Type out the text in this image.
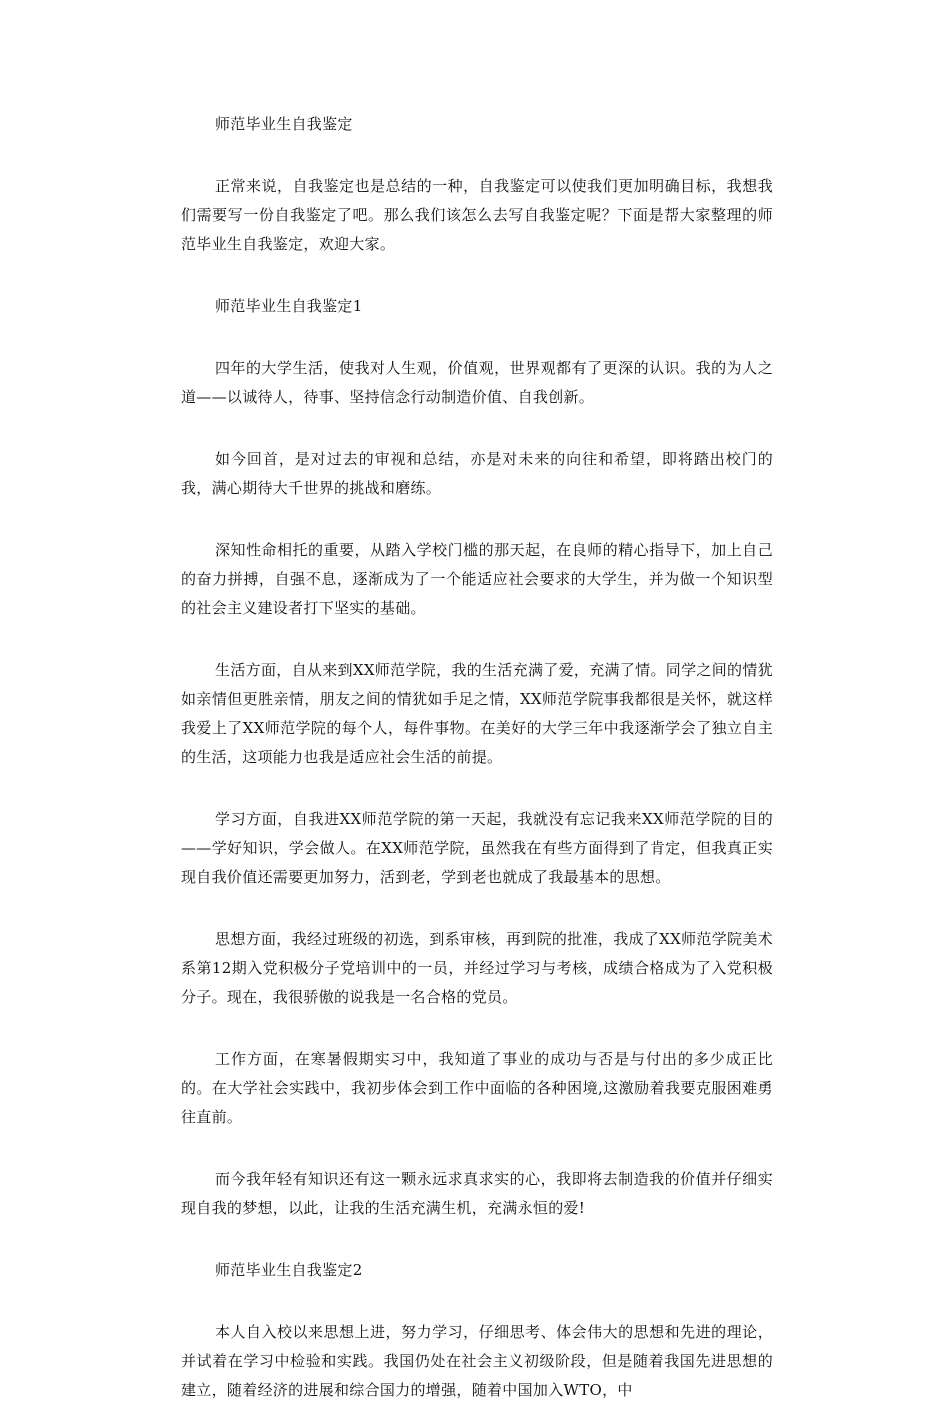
师范毕业生自我鉴定

正常来说，自我鉴定也是总结的一种，自我鉴定可以使我们更加明确目标，我想我们需要写一份自我鉴定了吧。那么我们该怎么去写自我鉴定呢？下面是帮大家整理的师范毕业生自我鉴定，欢迎大家。

师范毕业生自我鉴定1

四年的大学生活，使我对人生观，价值观，世界观都有了更深的认识。我的为人之道——以诚待人，待事、坚持信念行动制造价值、自我创新。

如今回首，是对过去的审视和总结，亦是对未来的向往和希望，即将踏出校门的我，满心期待大千世界的挑战和磨练。

深知性命相托的重要，从踏入学校门槛的那天起，在良师的精心指导下，加上自己的奋力拼搏，自强不息，逐渐成为了一个能适应社会要求的大学生，并为做一个知识型的社会主义建设者打下坚实的基础。

生活方面，自从来到XX师范学院，我的生活充满了爱，充满了情。同学之间的情犹如亲情但更胜亲情，朋友之间的情犹如手足之情，XX师范学院事我都很是关怀，就这样我爱上了XX师范学院的每个人，每件事物。在美好的大学三年中我逐渐学会了独立自主的生活，这项能力也我是适应社会生活的前提。

学习方面，自我进XX师范学院的第一天起，我就没有忘记我来XX师范学院的目的——学好知识，学会做人。在XX师范学院，虽然我在有些方面得到了肯定，但我真正实现自我价值还需要更加努力，活到老，学到老也就成了我最基本的思想。

思想方面，我经过班级的初选，到系审核，再到院的批准，我成了XX师范学院美术系第12期入党积极分子党培训中的一员，并经过学习与考核，成绩合格成为了入党积极分子。现在，我很骄傲的说我是一名合格的党员。

工作方面，在寒暑假期实习中，我知道了事业的成功与否是与付出的多少成正比的。在大学社会实践中，我初步体会到工作中面临的各种困境,这激励着我要克服困难勇往直前。

而今我年轻有知识还有这一颗永远求真求实的心，我即将去制造我的价值并仔细实现自我的梦想，以此，让我的生活充满生机，充满永恒的爱!

师范毕业生自我鉴定2

本人自入校以来思想上进，努力学习，仔细思考、体会伟大的思想和先进的理论，并试着在学习中检验和实践。我国仍处在社会主义初级阶段，但是随着我国先进思想的建立，随着经济的进展和综合国力的增强，随着中国加入WTO，中
